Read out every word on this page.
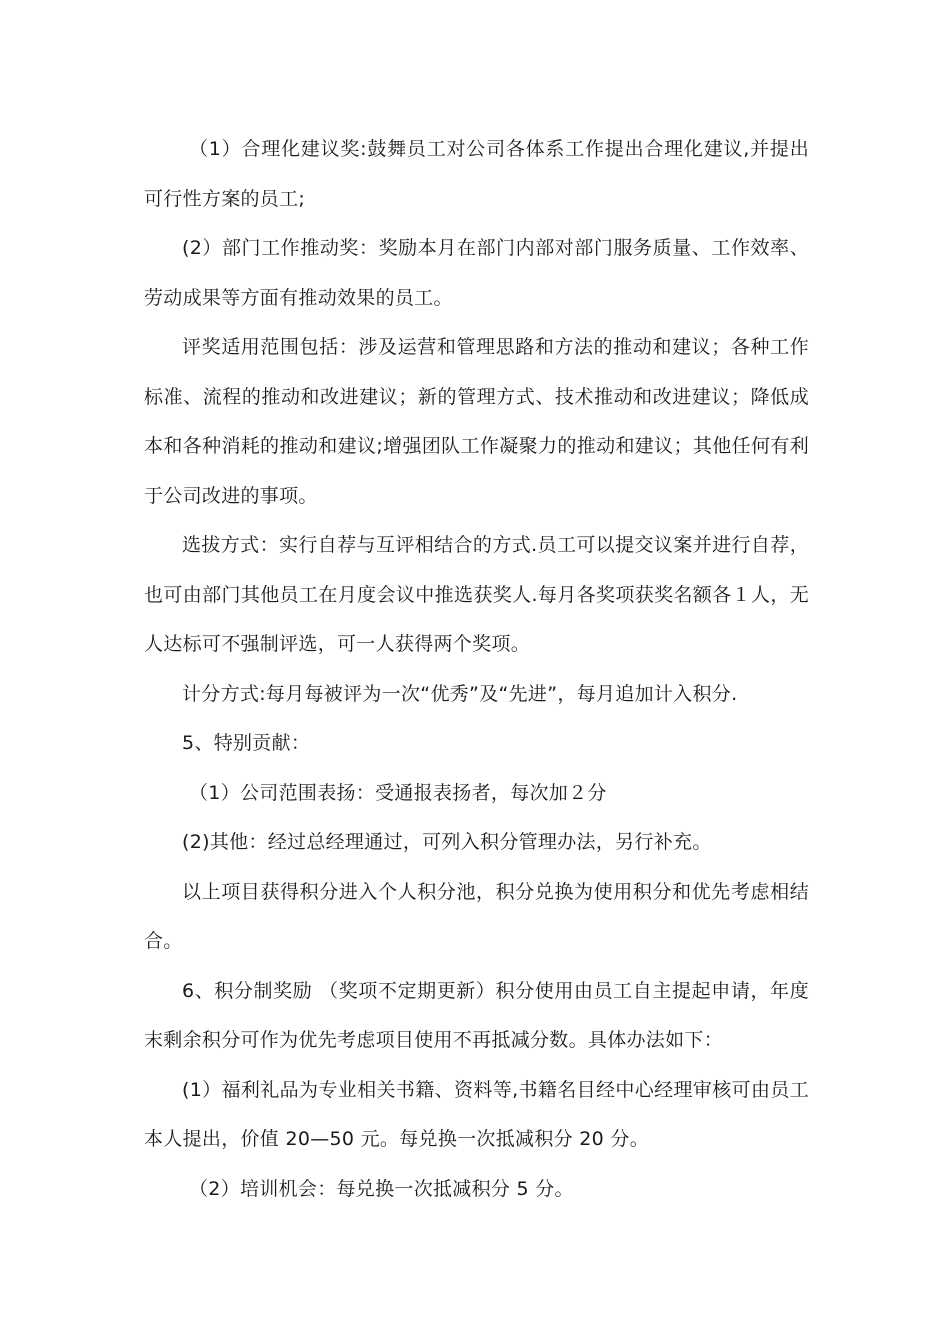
（1）合理化建议奖:鼓舞员工对公司各体系工作提出合理化建议,并提出可行性方案的员工;

(2）部门工作推动奖：奖励本月在部门内部对部门服务质量、工作效率、劳动成果等方面有推动效果的员工。

评奖适用范围包括：涉及运营和管理思路和方法的推动和建议；各种工作标准、流程的推动和改进建议；新的管理方式、技术推动和改进建议；降低成本和各种消耗的推动和建议;增强团队工作凝聚力的推动和建议；其他任何有利于公司改进的事项。

选拔方式：实行自荐与互评相结合的方式.员工可以提交议案并进行自荐，也可由部门其他员工在月度会议中推选获奖人.每月各奖项获奖名额各１人，无人达标可不强制评选，可一人获得两个奖项。

计分方式:每月每被评为一次“优秀”及“先进”，每月追加计入积分.

5、特别贡献：

（1）公司范围表扬：受通报表扬者，每次加２分

(2)其他：经过总经理通过，可列入积分管理办法，另行补充。

以上项目获得积分进入个人积分池，积分兑换为使用积分和优先考虑相结合。

6、积分制奖励 （奖项不定期更新）积分使用由员工自主提起申请，年度末剩余积分可作为优先考虑项目使用不再抵减分数。具体办法如下：

(1）福利礼品为专业相关书籍、资料等,书籍名目经中心经理审核可由员工本人提出，价值 20—50 元。每兑换一次抵减积分 20 分。

（2）培训机会：每兑换一次抵减积分 5 分。
